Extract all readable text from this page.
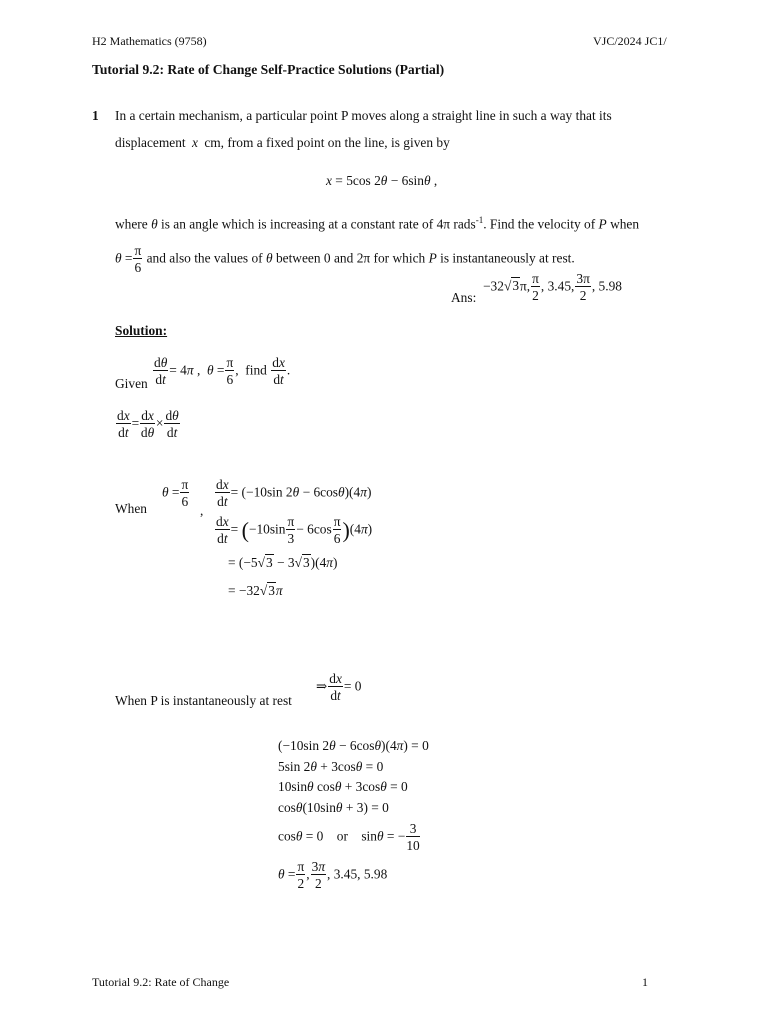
H2 Mathematics (9758)	VJC/2024 JC1/
Tutorial 9.2: Rate of Change Self-Practice Solutions (Partial)
1 In a certain mechanism, a particular point P moves along a straight line in such a way that its
displacement x cm, from a fixed point on the line, is given by
x = 5cos 2θ − 6sinθ ,
where θ is an angle which is increasing at a constant rate of 4π rads$^{-1}$. Find the velocity of P when
$\theta = \frac{\pi}{6}$ and also the values of θ between 0 and 2π for which P is instantaneously at rest.
Ans:
−32√3π, $\frac{\pi}{2}$ , 3.45, $\frac{3\pi}{2}$ , 5.98
Solution:
Given $\frac{d\theta}{dt} = 4\pi$ ,  $\theta = \frac{\pi}{6}$ ,  find $\frac{dx}{dt}$ .
$\frac{dx}{dt} = \frac{dx}{d\theta} \times \frac{d\theta}{dt}$
When
$\theta = \frac{\pi}{6}$
,
$\frac{dx}{dt} = (-10\sin$ 2θ − 6cosθ)(4π)
$\frac{dx}{dt} = (-10\sin \frac{\pi}{3} - 6\cos \frac{\pi}{6} )(4\pi)$
= (−5√3 − 3√3)(4π)
= −32√3π
When P is instantaneously at rest
⇒ $\frac{dx}{dt} = 0$
(−10sin 2θ − 6cosθ)(4π) = 0
5sin 2θ + 3cosθ = 0
10sinθ cosθ + 3cosθ = 0
cosθ(10sinθ + 3) = 0
cosθ = 0    or    sinθ = − $\frac{3}{10}$
$\theta = \frac{\pi}{2}$ , $\frac{3\pi}{2}$ , 3.45, 5.98
Tutorial 9.2: Rate of Change	1
